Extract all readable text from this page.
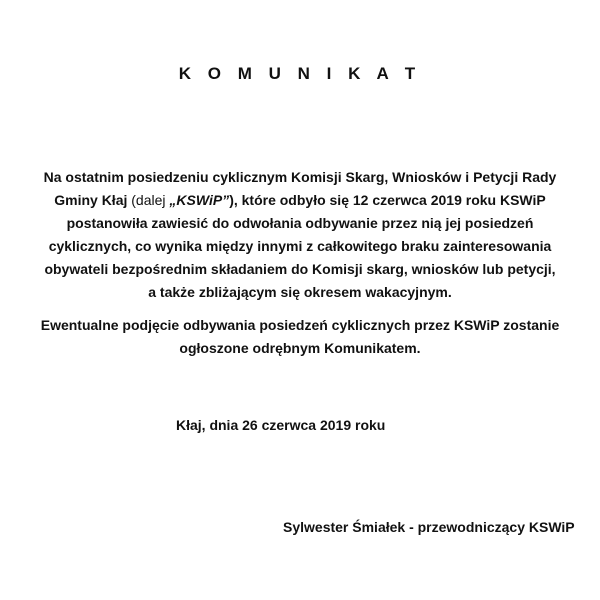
K O M U N I K A T

Na ostatnim posiedzeniu cyklicznym Komisji Skarg, Wniosków i Petycji Rady
Gminy Kłaj (dalej „KSWiP”), które odbyło się 12 czerwca 2019 roku KSWiP
postanowiła zawiesić do odwołania odbywanie przez nią jej posiedzeń
cyklicznych, co wynika między innymi z całkowitego braku zainteresowania
obywateli bezpośrednim składaniem do Komisji skarg, wniosków lub petycji,
a także zbliżającym się okresem wakacyjnym.

Ewentualne podjęcie odbywania posiedzeń cyklicznych przez KSWiP zostanie
ogłoszone odrębnym Komunikatem.

Kłaj, dnia 26 czerwca 2019 roku

Sylwester Śmiałek - przewodniczący KSWiP
